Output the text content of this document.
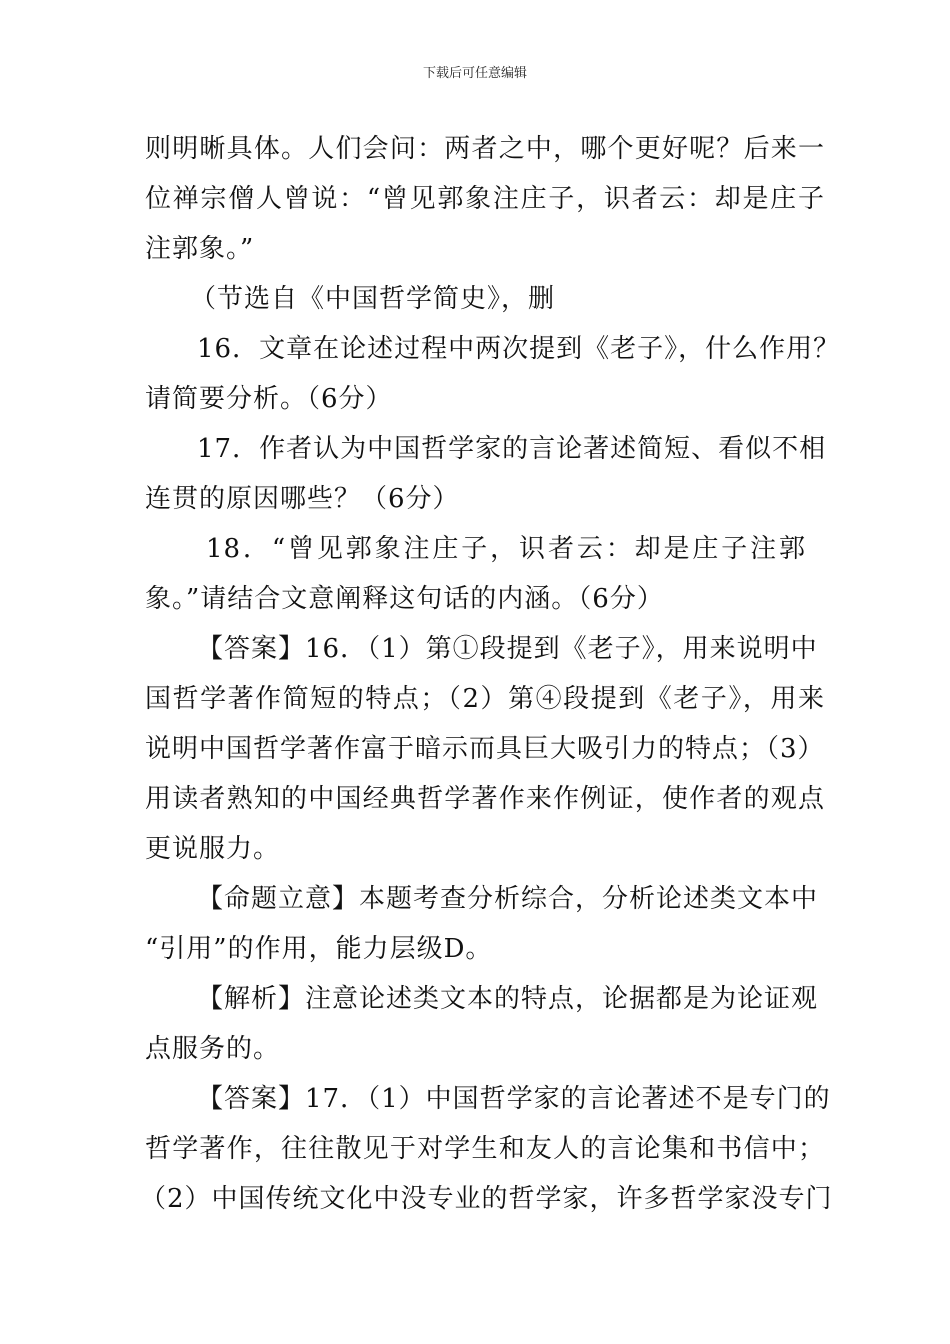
下载后可任意编辑
则明晰具体。人们会问：两者之中，哪个更好呢？后来一
位禅宗僧人曾说：“曾见郭象注庄子，识者云：却是庄子
注郭象。”
（节选自《中国哲学简史》，删
16．文章在论述过程中两次提到《老子》，什么作用？
请简要分析。（6分）
17．作者认为中国哲学家的言论著述简短、看似不相
连贯的原因哪些？（6分）
18．“曾见郭象注庄子，识者云：却是庄子注郭
象。”请结合文意阐释这句话的内涵。（6分）
【答案】16．（1）第①段提到《老子》，用来说明中
国哲学著作简短的特点；（2）第④段提到《老子》，用来
说明中国哲学著作富于暗示而具巨大吸引力的特点；（3）
用读者熟知的中国经典哲学著作来作例证，使作者的观点
更说服力。
【命题立意】本题考查分析综合，分析论述类文本中
“引用”的作用，能力层级D。
【解析】注意论述类文本的特点，论据都是为论证观
点服务的。
【答案】17．（1）中国哲学家的言论著述不是专门的
哲学著作，往往散见于对学生和友人的言论集和书信中；
（2）中国传统文化中没专业的哲学家，许多哲学家没专门
